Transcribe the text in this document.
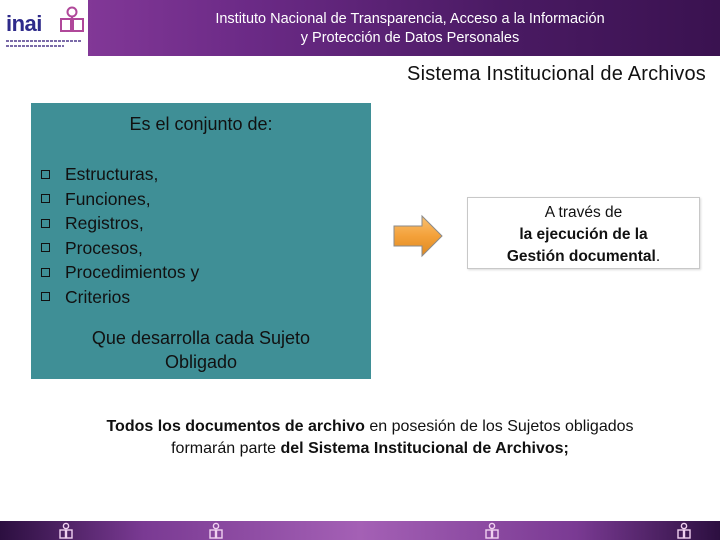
inai	Instituto Nacional de Transparencia, Acceso a la Información
y Protección de Datos Personales
Sistema Institucional de Archivos
Es el conjunto de:
Estructuras,
Funciones,
Registros,
Procesos,
Procedimientos y
Criterios
Que desarrolla cada Sujeto
Obligado
A través de
la ejecución de la
Gestión documental.
Todos los documentos de archivo en posesión de los Sujetos obligados
formarán parte del Sistema Institucional de Archivos;
